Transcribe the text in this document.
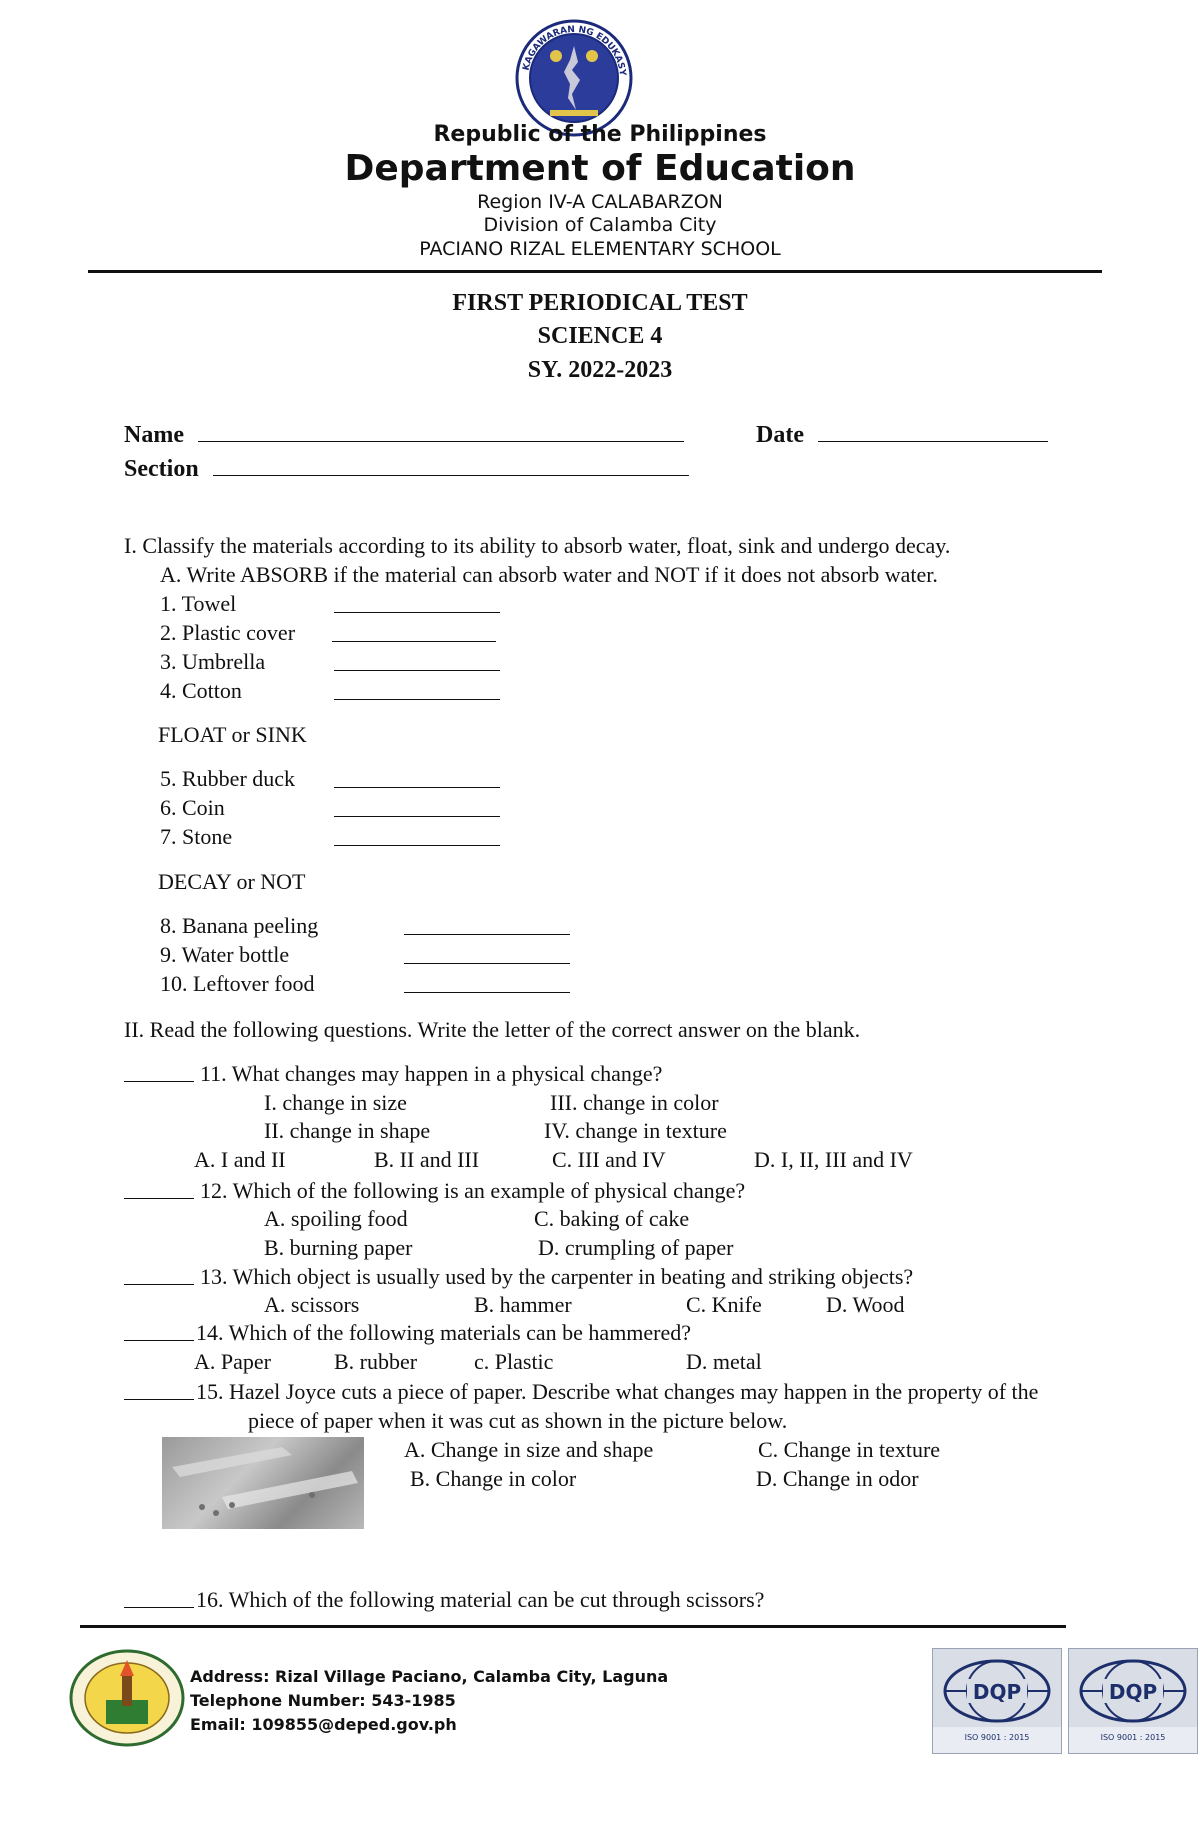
KAGAWARAN NG EDUKASY
Republic of the Philippines
Department of Education
Region IV-A CALABARZON
Division of Calamba City
PACIANO RIZAL ELEMENTARY SCHOOL
FIRST PERIODICAL TEST
SCIENCE 4
SY. 2022-2023
Name	Date
Section
I. Classify the materials according to its ability to absorb water, float, sink and undergo decay.
A. Write ABSORB if the material can absorb water and NOT if it does not absorb water.
1. Towel
2. Plastic cover
3. Umbrella
4. Cotton
FLOAT or SINK
5. Rubber duck
6. Coin
7. Stone
DECAY or NOT
8. Banana peeling
9. Water bottle
10. Leftover food
II. Read the following questions. Write the letter of the correct answer on the blank.
11. What changes may happen in a physical change?
I. change in size	III. change in color
II. change in shape	IV. change in texture
A. I and II	B. II and III	C. III and IV	D. I, II, III and IV
12. Which of the following is an example of physical change?
A. spoiling food	C. baking of cake
B. burning paper	D. crumpling of paper
13. Which object is usually used by the carpenter in beating and striking objects?
A. scissors	B. hammer	C. Knife	D. Wood
14. Which of the following materials can be hammered?
A. Paper	B. rubber	c. Plastic	D. metal
15. Hazel Joyce cuts a piece of paper. Describe what changes may happen in the property of the
piece of paper when it was cut as shown in the picture below.
A. Change in size and shape	C. Change in texture
B. Change in color	D. Change in odor
16. Which of the following material can be cut through scissors?
Address: Rizal Village Paciano, Calamba City, Laguna
Telephone Number: 543-1985
Email: 109855@deped.gov.ph
DQP
ISO 9001 : 2015
DQP
ISO 9001 : 2015
